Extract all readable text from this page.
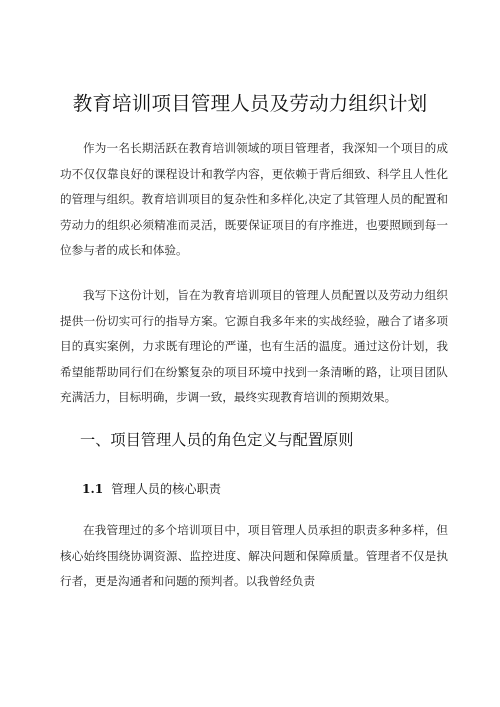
教育培训项目管理人员及劳动力组织计划

作为一名长期活跃在教育培训领域的项目管理者，我深知一个项目的成功不仅仅靠良好的课程设计和教学内容，更依赖于背后细致、科学且人性化的管理与组织。教育培训项目的复杂性和多样化,决定了其管理人员的配置和劳动力的组织必须精准而灵活，既要保证项目的有序推进，也要照顾到每一位参与者的成长和体验。

我写下这份计划，旨在为教育培训项目的管理人员配置以及劳动力组织提供一份切实可行的指导方案。它源自我多年来的实战经验，融合了诸多项目的真实案例，力求既有理论的严谨，也有生活的温度。通过这份计划，我希望能帮助同行们在纷繁复杂的项目环境中找到一条清晰的路，让项目团队充满活力，目标明确，步调一致，最终实现教育培训的预期效果。

一、项目管理人员的角色定义与配置原则
1.1 管理人员的核心职责

在我管理过的多个培训项目中，项目管理人员承担的职责多种多样，但核心始终围绕协调资源、监控进度、解决问题和保障质量。管理者不仅是执行者，更是沟通者和问题的预判者。以我曾经负责
